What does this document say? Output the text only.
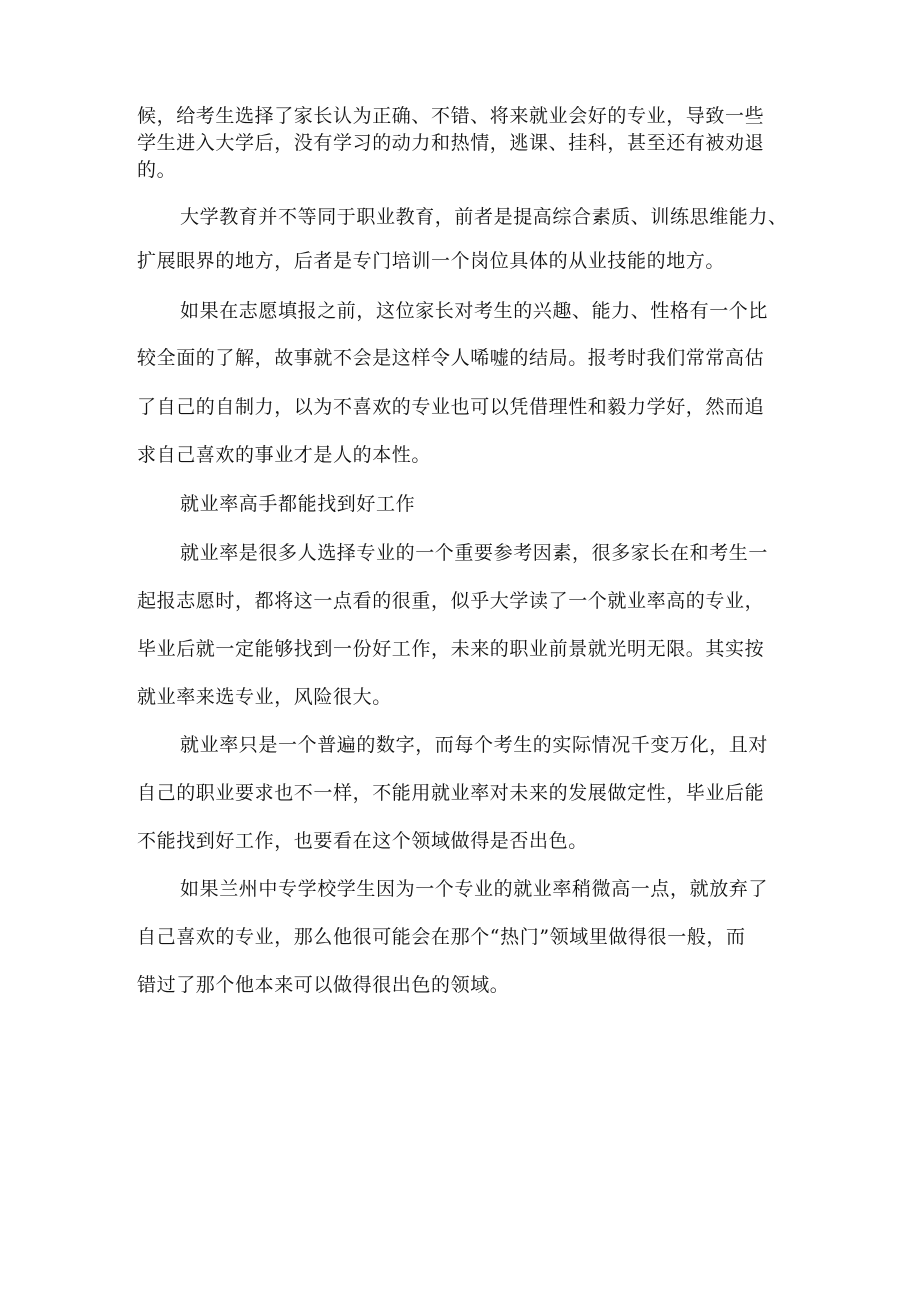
候，给考生选择了家长认为正确、不错、将来就业会好的专业，导致一些
学生进入大学后，没有学习的动力和热情，逃课、挂科，甚至还有被劝退
的。
大学教育并不等同于职业教育，前者是提高综合素质、训练思维能力、
扩展眼界的地方，后者是专门培训一个岗位具体的从业技能的地方。
如果在志愿填报之前，这位家长对考生的兴趣、能力、性格有一个比
较全面的了解，故事就不会是这样令人唏嘘的结局。报考时我们常常高估
了自己的自制力，以为不喜欢的专业也可以凭借理性和毅力学好，然而追
求自己喜欢的事业才是人的本性。
就业率高手都能找到好工作
就业率是很多人选择专业的一个重要参考因素，很多家长在和考生一
起报志愿时，都将这一点看的很重，似乎大学读了一个就业率高的专业，
毕业后就一定能够找到一份好工作，未来的职业前景就光明无限。其实按
就业率来选专业，风险很大。
就业率只是一个普遍的数字，而每个考生的实际情况千变万化，且对
自己的职业要求也不一样，不能用就业率对未来的发展做定性，毕业后能
不能找到好工作，也要看在这个领域做得是否出色。
如果兰州中专学校学生因为一个专业的就业率稍微高一点，就放弃了
自己喜欢的专业，那么他很可能会在那个“热门”领域里做得很一般，而
错过了那个他本来可以做得很出色的领域。
